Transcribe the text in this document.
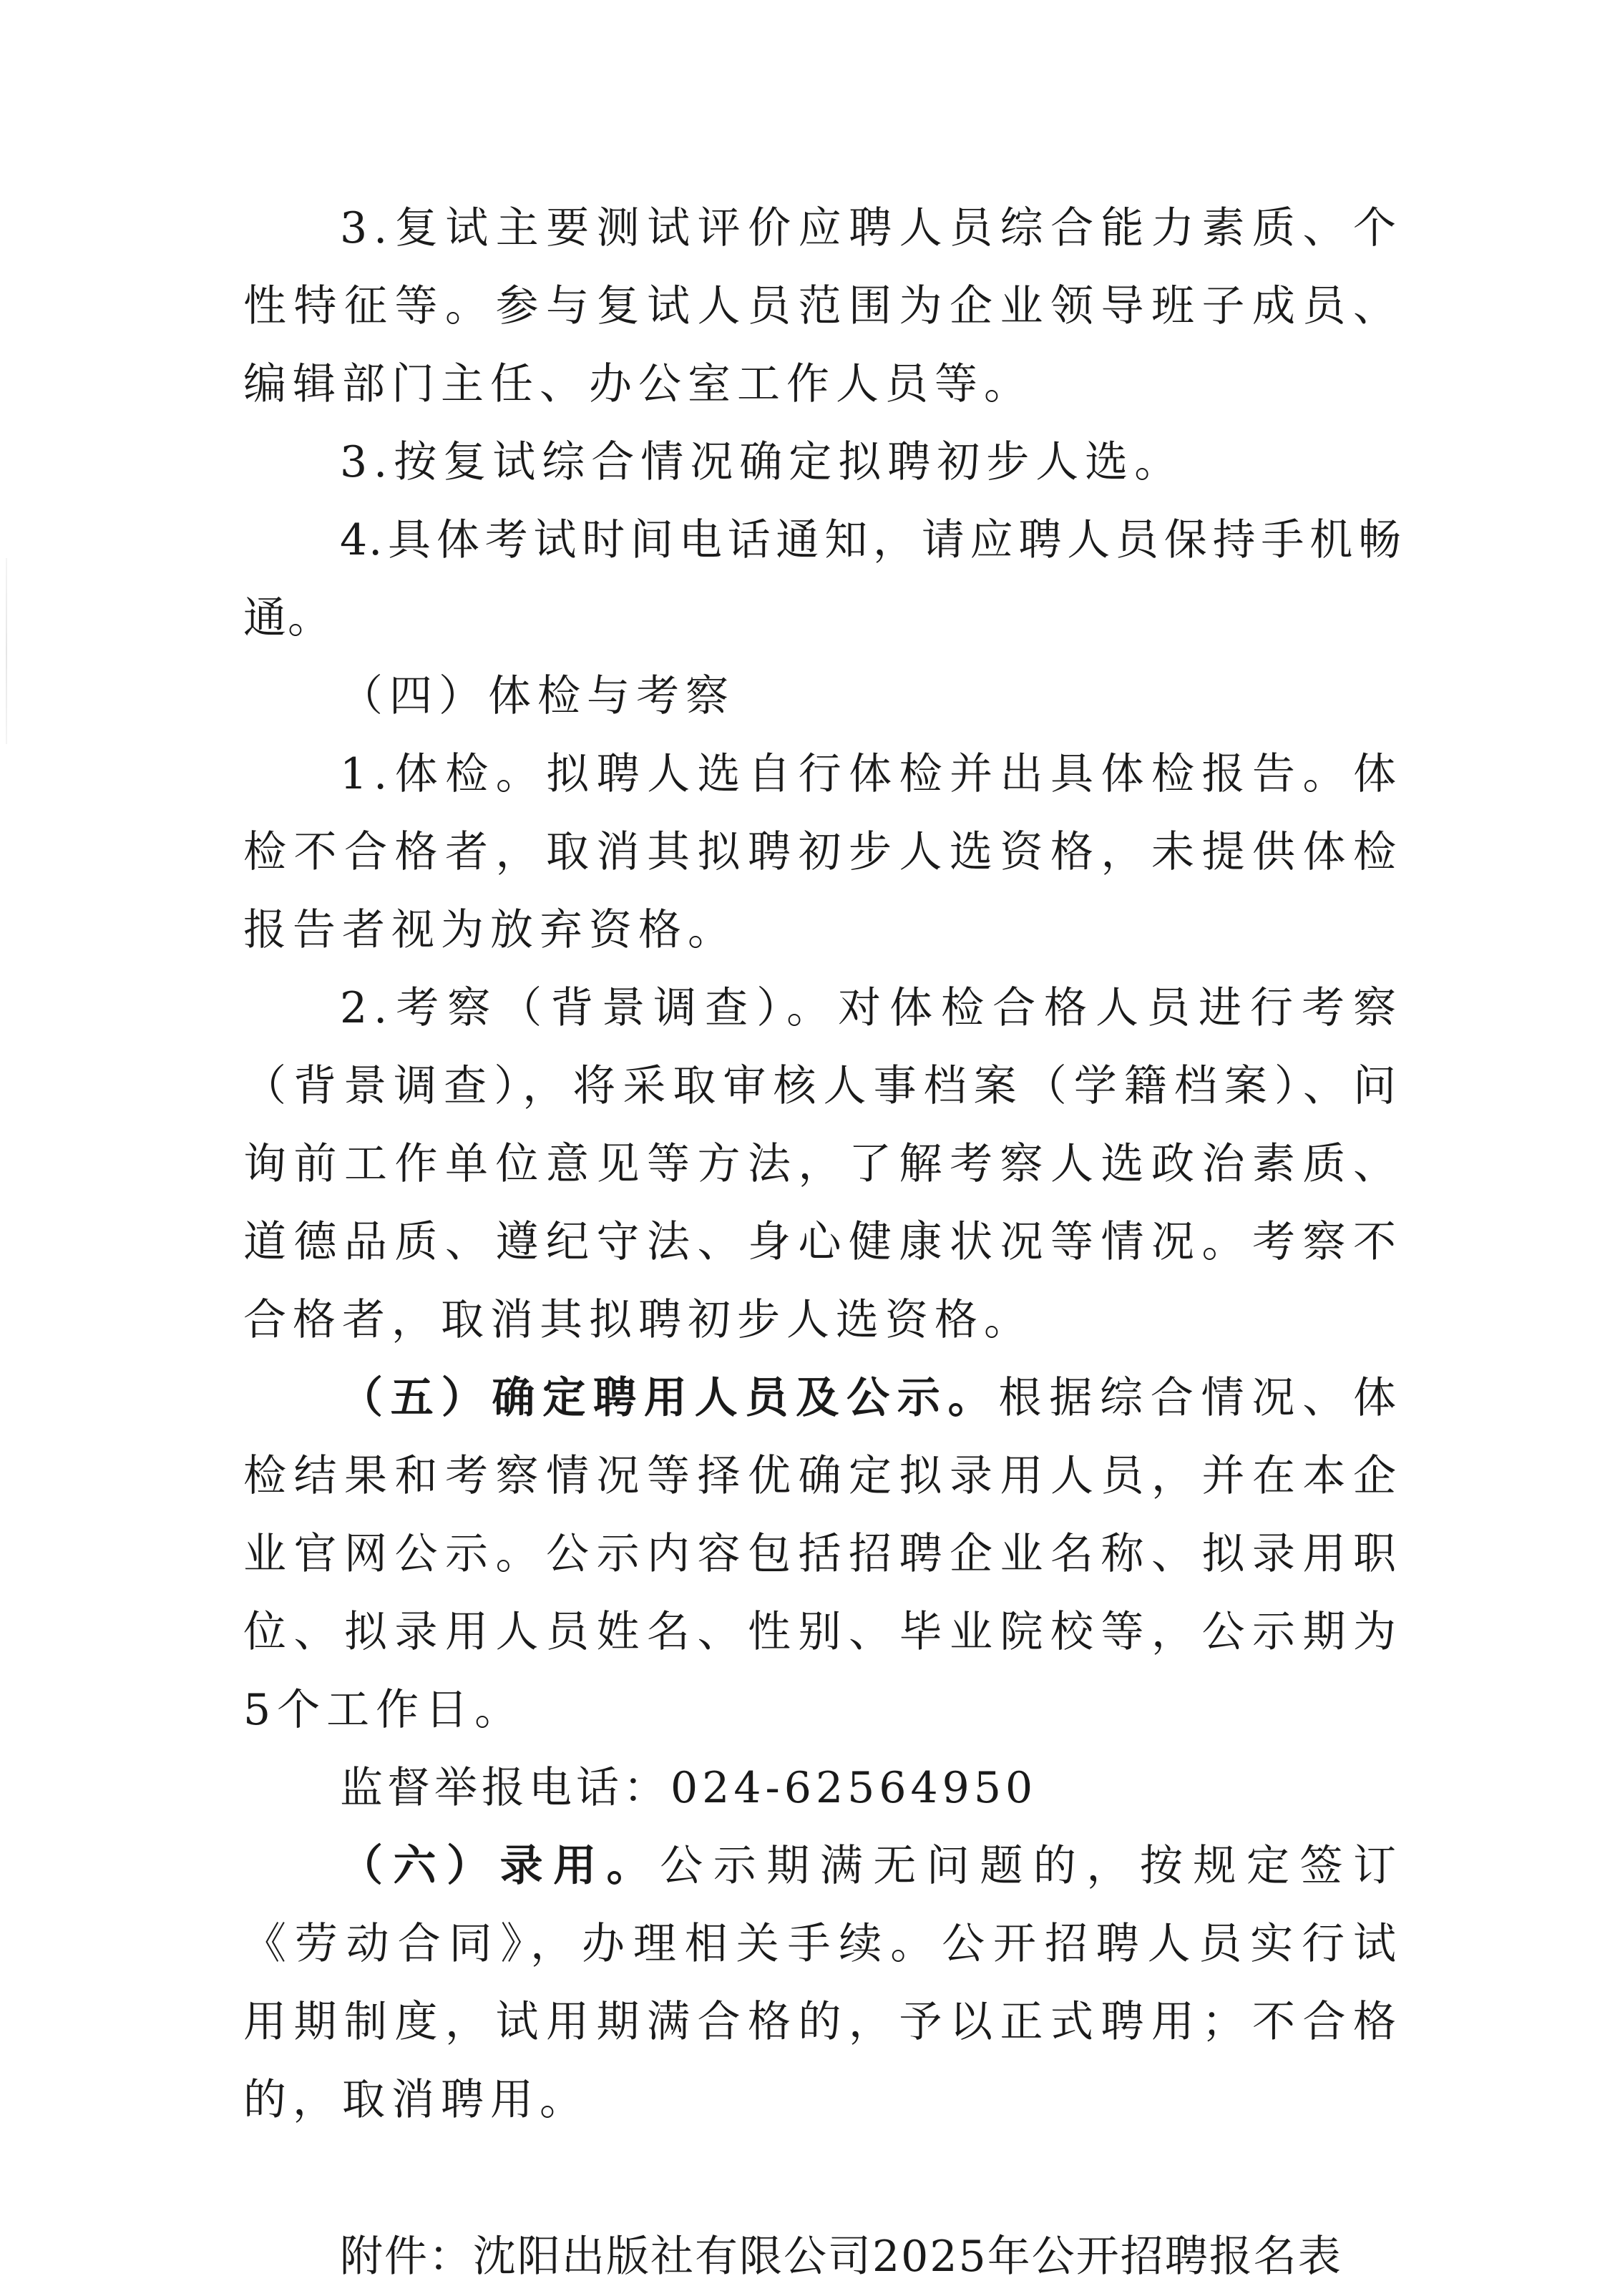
3.复试主要测试评价应聘人员综合能力素质、个性特征等。参与复试人员范围为企业领导班子成员、编辑部门主任、办公室工作人员等。

3.按复试综合情况确定拟聘初步人选。

4.具体考试时间电话通知，请应聘人员保持手机畅通。

（四）体检与考察

1.体检。拟聘人选自行体检并出具体检报告。体检不合格者，取消其拟聘初步人选资格，未提供体检报告者视为放弃资格。

2.考察（背景调查）。对体检合格人员进行考察（背景调查），将采取审核人事档案（学籍档案）、问询前工作单位意见等方法，了解考察人选政治素质、道德品质、遵纪守法、身心健康状况等情况。考察不合格者，取消其拟聘初步人选资格。

（五）确定聘用人员及公示。根据综合情况、体检结果和考察情况等择优确定拟录用人员，并在本企业官网公示。公示内容包括招聘企业名称、拟录用职位、拟录用人员姓名、性别、毕业院校等，公示期为5个工作日。

监督举报电话：024-62564950

（六）录用。公示期满无问题的，按规定签订《劳动合同》，办理相关手续。公开招聘人员实行试用期制度，试用期满合格的，予以正式聘用；不合格的，取消聘用。

附件：沈阳出版社有限公司2025年公开招聘报名表
